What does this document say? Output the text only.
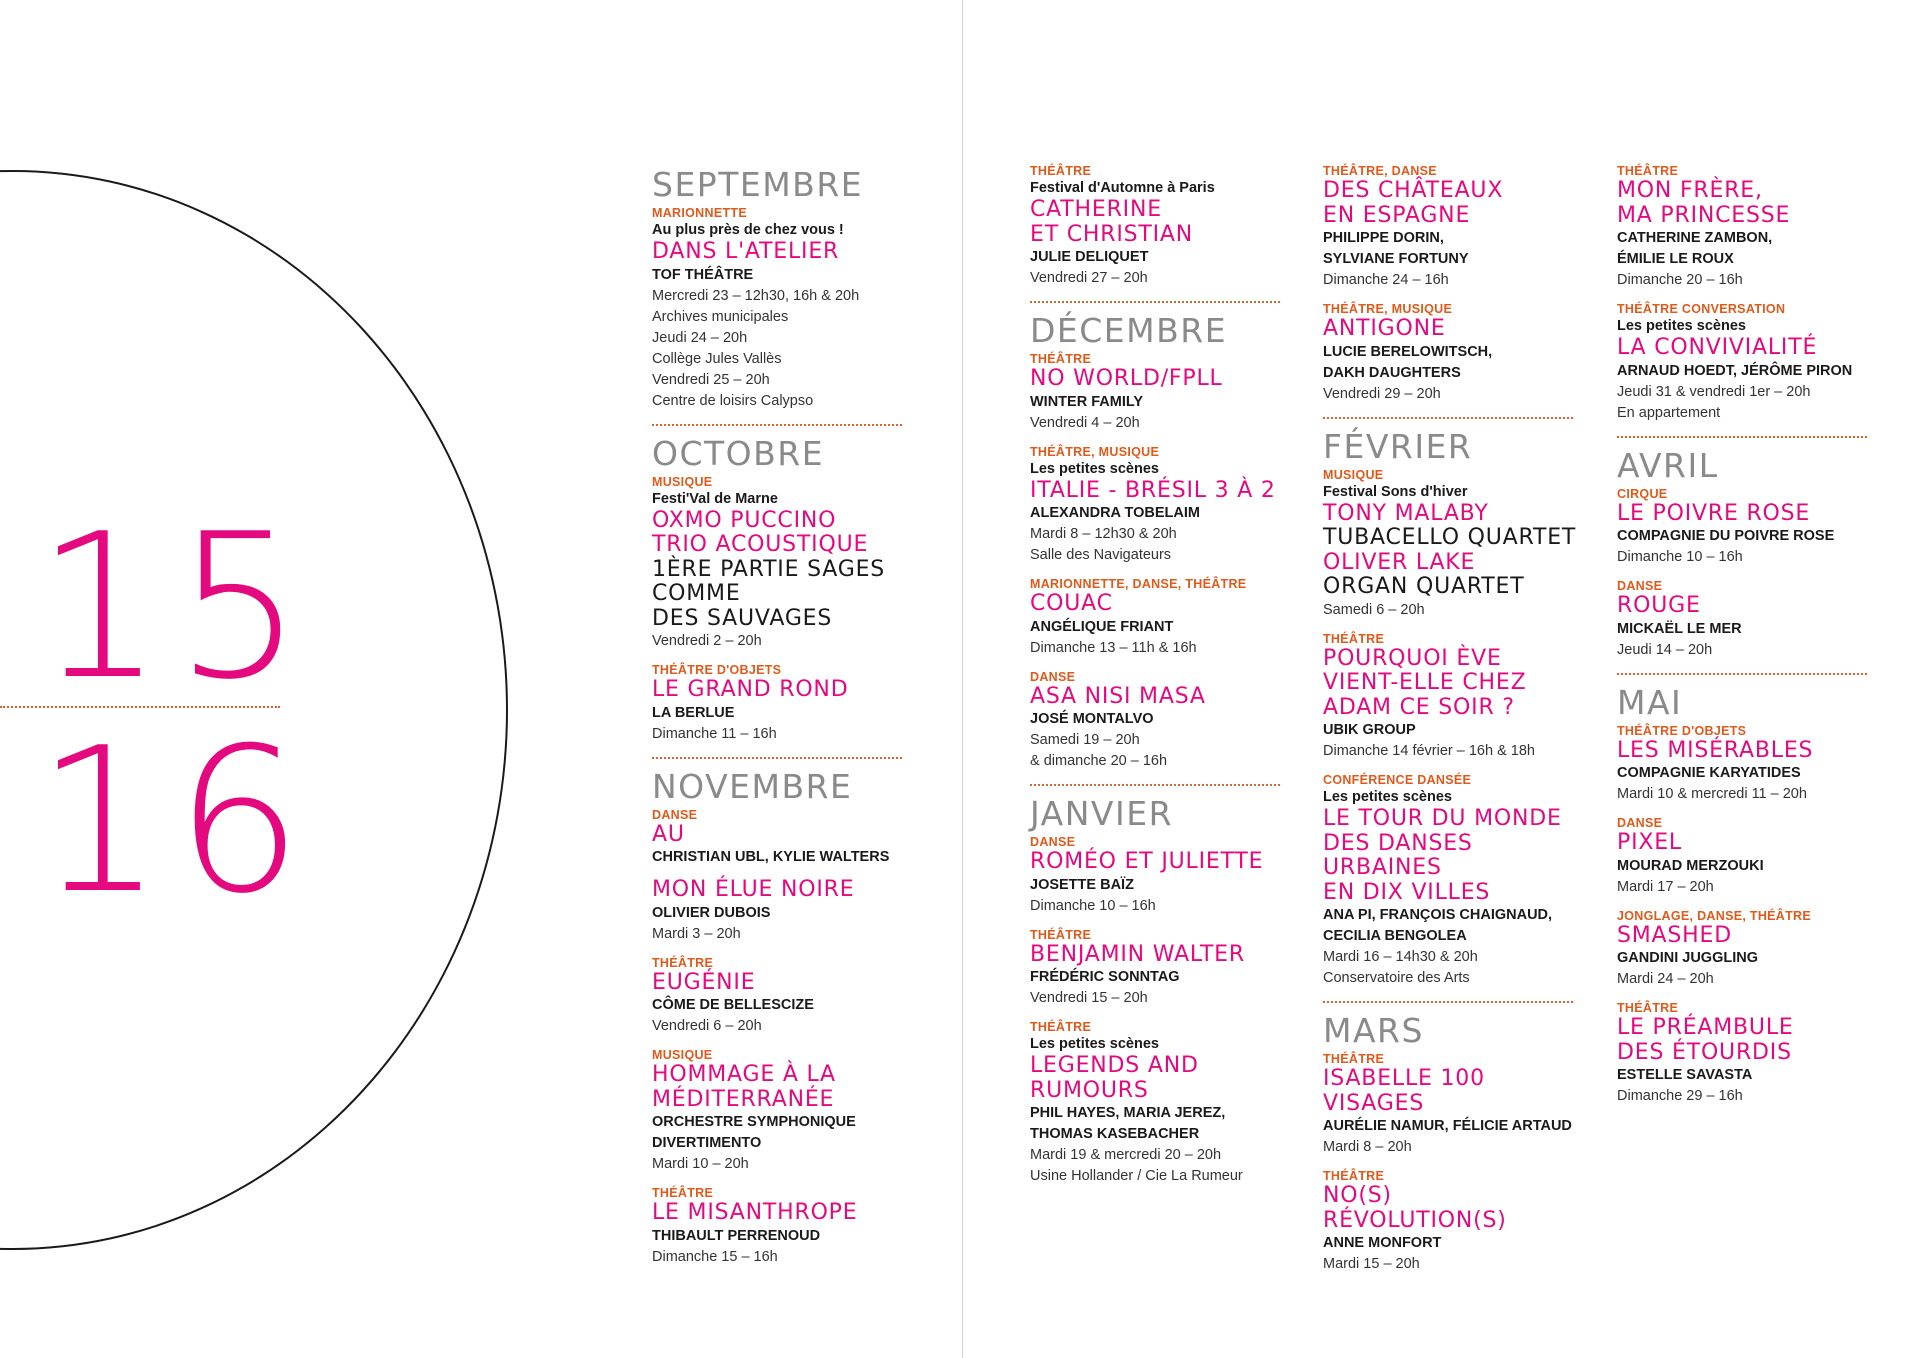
15
16
SEPTEMBRE
MARIONNETTE
Au plus près de chez vous !
DANS L'ATELIER
TOF THÉÂTRE
Mercredi 23 – 12h30, 16h & 20h
Archives municipales
Jeudi 24 – 20h
Collège Jules Vallès
Vendredi 25 – 20h
Centre de loisirs Calypso
OCTOBRE
MUSIQUE
Festi'Val de Marne
OXMO PUCCINO
TRIO ACOUSTIQUE
1ÈRE PARTIE SAGES COMME
DES SAUVAGES
Vendredi 2 – 20h
THÉÂTRE D'OBJETS
LE GRAND ROND
LA BERLUE
Dimanche 11 – 16h
NOVEMBRE
DANSE
AU
CHRISTIAN UBL, KYLIE WALTERS
MON ÉLUE NOIRE
OLIVIER DUBOIS
Mardi 3 – 20h
THÉÂTRE
EUGÉNIE
CÔME DE BELLESCIZE
Vendredi 6 – 20h
MUSIQUE
HOMMAGE À LA
MÉDITERRANÉE
ORCHESTRE SYMPHONIQUE
DIVERTIMENTO
Mardi 10 – 20h
THÉÂTRE
LE MISANTHROPE
THIBAULT PERRENOUD
Dimanche 15 – 16h
THÉÂTRE
Festival d'Automne à Paris
CATHERINE
ET CHRISTIAN
JULIE DELIQUET
Vendredi 27 – 20h
DÉCEMBRE
THÉÂTRE
NO WORLD/FPLL
WINTER FAMILY
Vendredi 4 – 20h
THÉÂTRE, MUSIQUE
Les petites scènes
ITALIE - BRÉSIL 3 À 2
ALEXANDRA TOBELAIM
Mardi 8 – 12h30 & 20h
Salle des Navigateurs
MARIONNETTE, DANSE, THÉÂTRE
COUAC
ANGÉLIQUE FRIANT
Dimanche 13 – 11h & 16h
DANSE
ASA NISI MASA
JOSÉ MONTALVO
Samedi 19 – 20h
& dimanche 20 – 16h
JANVIER
DANSE
ROMÉO ET JULIETTE
JOSETTE BAÏZ
Dimanche 10 – 16h
THÉÂTRE
BENJAMIN WALTER
FRÉDÉRIC SONNTAG
Vendredi 15 – 20h
THÉÂTRE
Les petites scènes
LEGENDS AND
RUMOURS
PHIL HAYES, MARIA JEREZ,
THOMAS KASEBACHER
Mardi 19 & mercredi 20 – 20h
Usine Hollander / Cie La Rumeur
THÉÂTRE, DANSE
DES CHÂTEAUX
EN ESPAGNE
PHILIPPE DORIN,
SYLVIANE FORTUNY
Dimanche 24 – 16h
THÉÂTRE, MUSIQUE
ANTIGONE
LUCIE BERELOWITSCH,
DAKH DAUGHTERS
Vendredi 29 – 20h
FÉVRIER
MUSIQUE
Festival Sons d'hiver
TONY MALABY
TUBACELLO QUARTET
OLIVER LAKE
ORGAN QUARTET
Samedi 6 – 20h
THÉÂTRE
POURQUOI ÈVE
VIENT-ELLE CHEZ
ADAM CE SOIR ?
UBIK GROUP
Dimanche 14 février – 16h & 18h
CONFÉRENCE DANSÉE
Les petites scènes
LE TOUR DU MONDE
DES DANSES
URBAINES
EN DIX VILLES
ANA PI, FRANÇOIS CHAIGNAUD,
CECILIA BENGOLEA
Mardi 16 – 14h30 & 20h
Conservatoire des Arts
MARS
THÉÂTRE
ISABELLE 100 VISAGES
AURÉLIE NAMUR, FÉLICIE ARTAUD
Mardi 8 – 20h
THÉÂTRE
NO(S)
RÉVOLUTION(S)
ANNE MONFORT
Mardi 15 – 20h
THÉÂTRE
MON FRÈRE,
MA PRINCESSE
CATHERINE ZAMBON,
ÉMILIE LE ROUX
Dimanche 20 – 16h
THÉÂTRE CONVERSATION
Les petites scènes
LA CONVIVIALITÉ
ARNAUD HOEDT, JÉRÔME PIRON
Jeudi 31 & vendredi 1er – 20h
En appartement
AVRIL
CIRQUE
LE POIVRE ROSE
COMPAGNIE DU POIVRE ROSE
Dimanche 10 – 16h
DANSE
ROUGE
MICKAËL LE MER
Jeudi 14 – 20h
MAI
THÉÂTRE D'OBJETS
LES MISÉRABLES
COMPAGNIE KARYATIDES
Mardi 10 & mercredi 11 – 20h
DANSE
PIXEL
MOURAD MERZOUKI
Mardi 17 – 20h
JONGLAGE, DANSE, THÉÂTRE
SMASHED
GANDINI JUGGLING
Mardi 24 – 20h
THÉÂTRE
LE PRÉAMBULE
DES ÉTOURDIS
ESTELLE SAVASTA
Dimanche 29 – 16h
